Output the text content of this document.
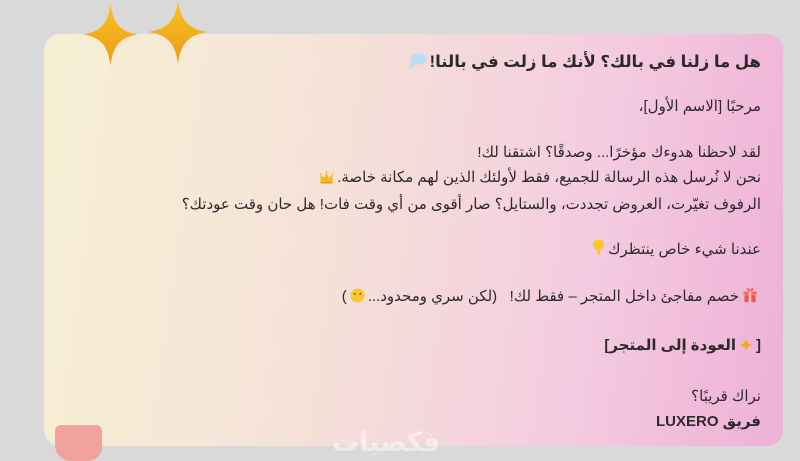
هل ما زلنا في بالك؟ لأنك ما زلت في بالنا!
مرحبًا [الاسم الأول]،
لقد لاحظنا هدوءك مؤخرًا... وصدقًا؟ اشتقنا لك!
نحن لا نُرسل هذه الرسالة للجميع، فقط لأولئك الذين لهم مكانة خاصة.
الرفوف تغيّرت، العروض تجددت، والستايل؟ صار أقوى من أي وقت فات! هل حان وقت عودتك؟
عندنا شيء خاص ينتظرك
خصم مفاجئ داخل المتجر – فقط لك!   (لكن سري ومحدود...)
[العودة إلى المتجر]
نراك قريبًا؟
فريق LUXERO
فكصبات
